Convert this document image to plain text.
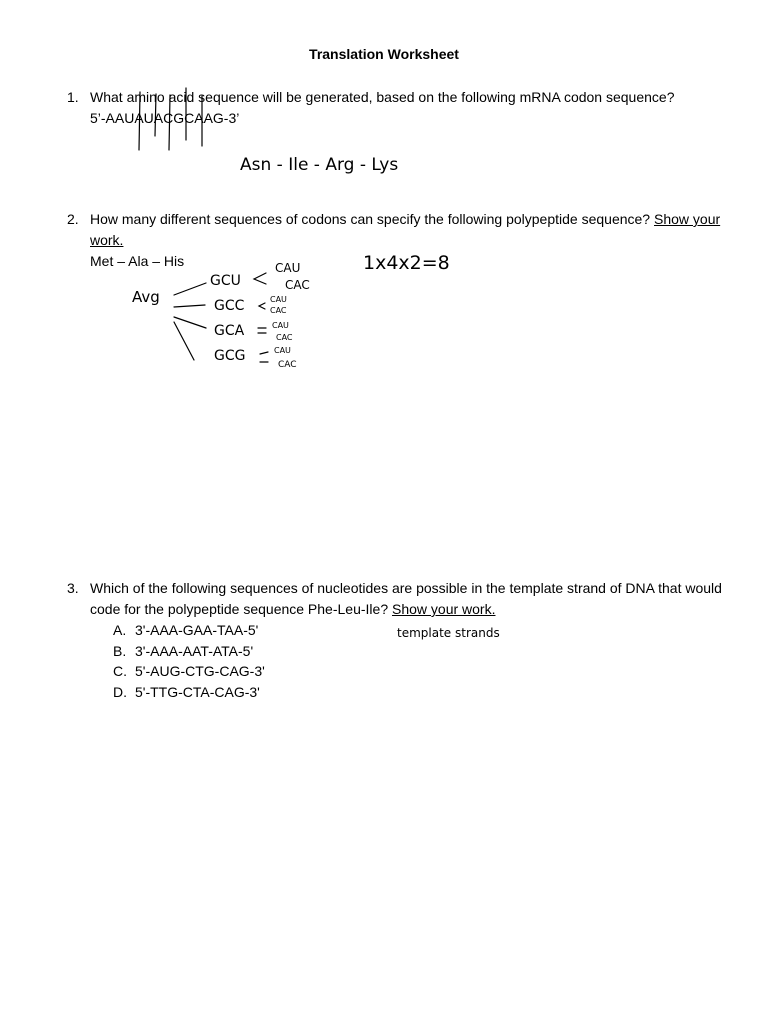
Translation Worksheet
1. What amino acid sequence will be generated, based on the following mRNA codon sequence?
5’-AAUAUACGCAAG-3’
2. How many different sequences of codons can specify the following polypeptide sequence? Show your work.
Met – Ala – His
3. Which of the following sequences of nucleotides are possible in the template strand of DNA that would code for the polypeptide sequence Phe-Leu-Ile? Show your work.
A. 3'-AAA-GAA-TAA-5'
B. 3'-AAA-AAT-ATA-5'
C. 5'-AUG-CTG-CAG-3'
D. 5'-TTG-CTA-CAG-3'
Asn - Ile - Arg - Lys
1x4x2=8
Avg
GCU
CAU
CAC
GCC	CAU
CAC
GCA	CAU
CAC
GCG	CAU
CAC
template strands
